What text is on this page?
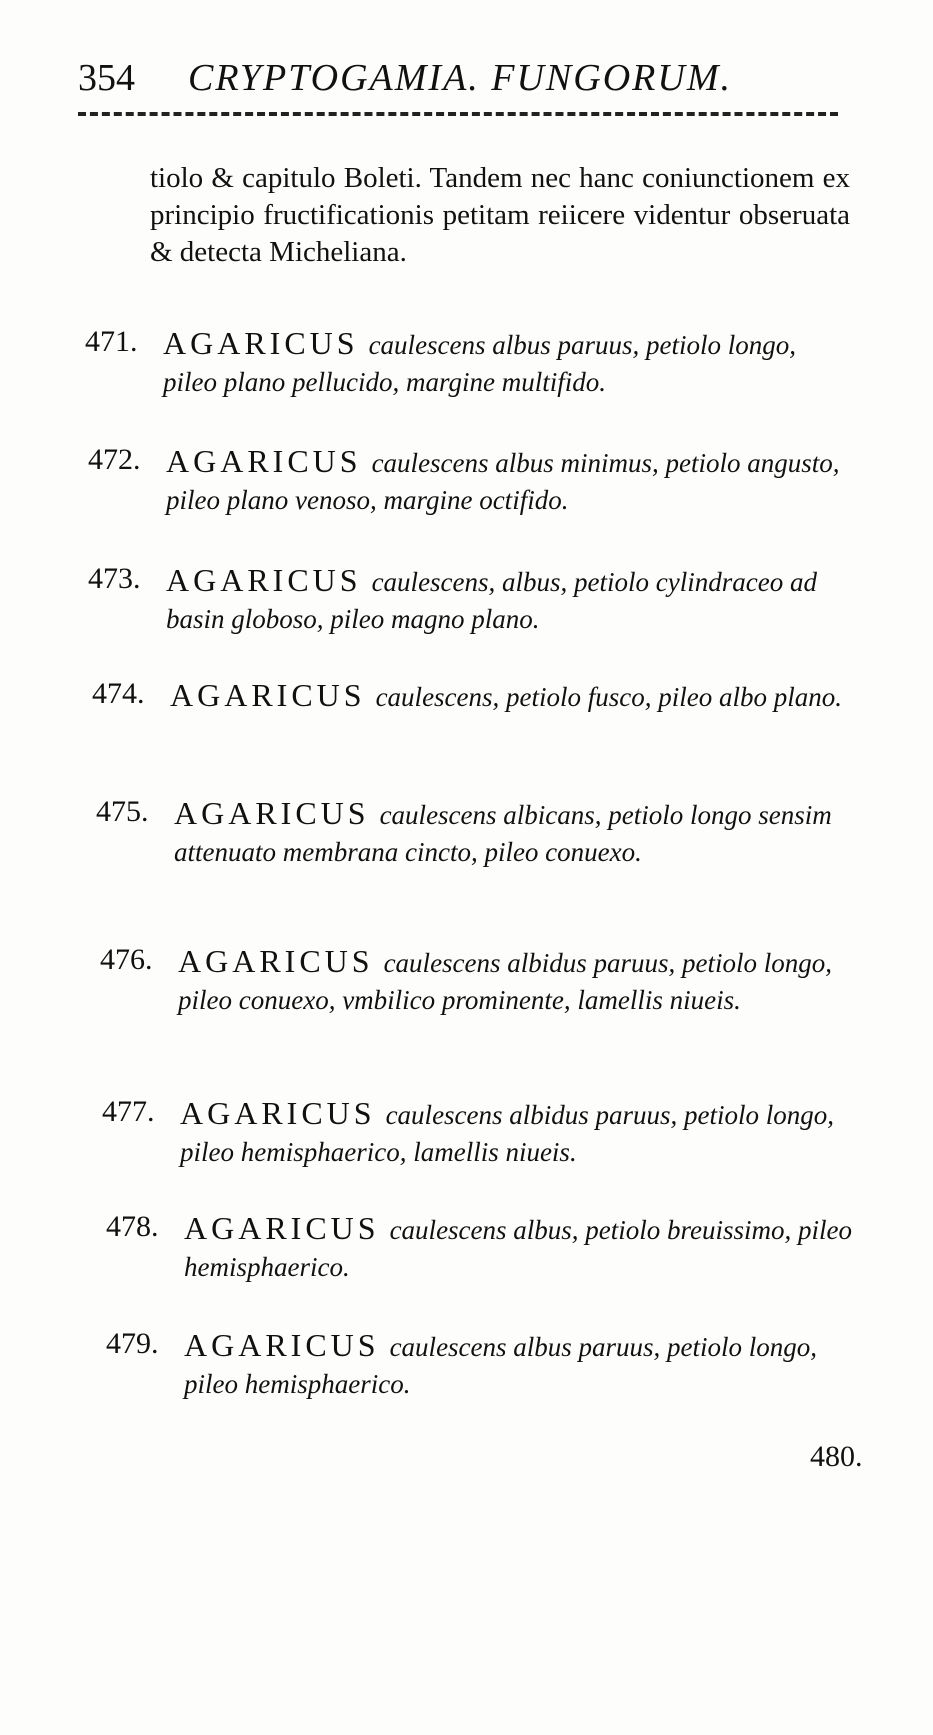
354 CRYPTOGAMIA. FUNGORUM.
tiolo & capitulo Boleti. Tandem nec hanc coniunctionem ex principio fructificationis petitam reiicere videntur obseruata & detecta Micheliana.
471. AGARICUS caulescens albus paruus, petiolo longo, pileo plano pellucido, margine multifido.
472. AGARICUS caulescens albus minimus, petiolo angusto, pileo plano venoso, margine octifido.
473. AGARICUS caulescens, albus, petiolo cylindraceo ad basin globoso, pileo magno plano.
474. AGARICUS caulescens, petiolo fusco, pileo albo plano.
475. AGARICUS caulescens albicans, petiolo longo sensim attenuato membrana cincto, pileo conuexo.
476. AGARICUS caulescens albidus paruus, petiolo longo, pileo conuexo, vmbilico prominente, lamellis niueis.
477. AGARICUS caulescens albidus paruus, petiolo longo, pileo hemisphaerico, lamellis niueis.
478. AGARICUS caulescens albus, petiolo breuissimo, pileo hemisphaerico.
479. AGARICUS caulescens albus paruus, petiolo longo, pileo hemisphaerico.
480.
